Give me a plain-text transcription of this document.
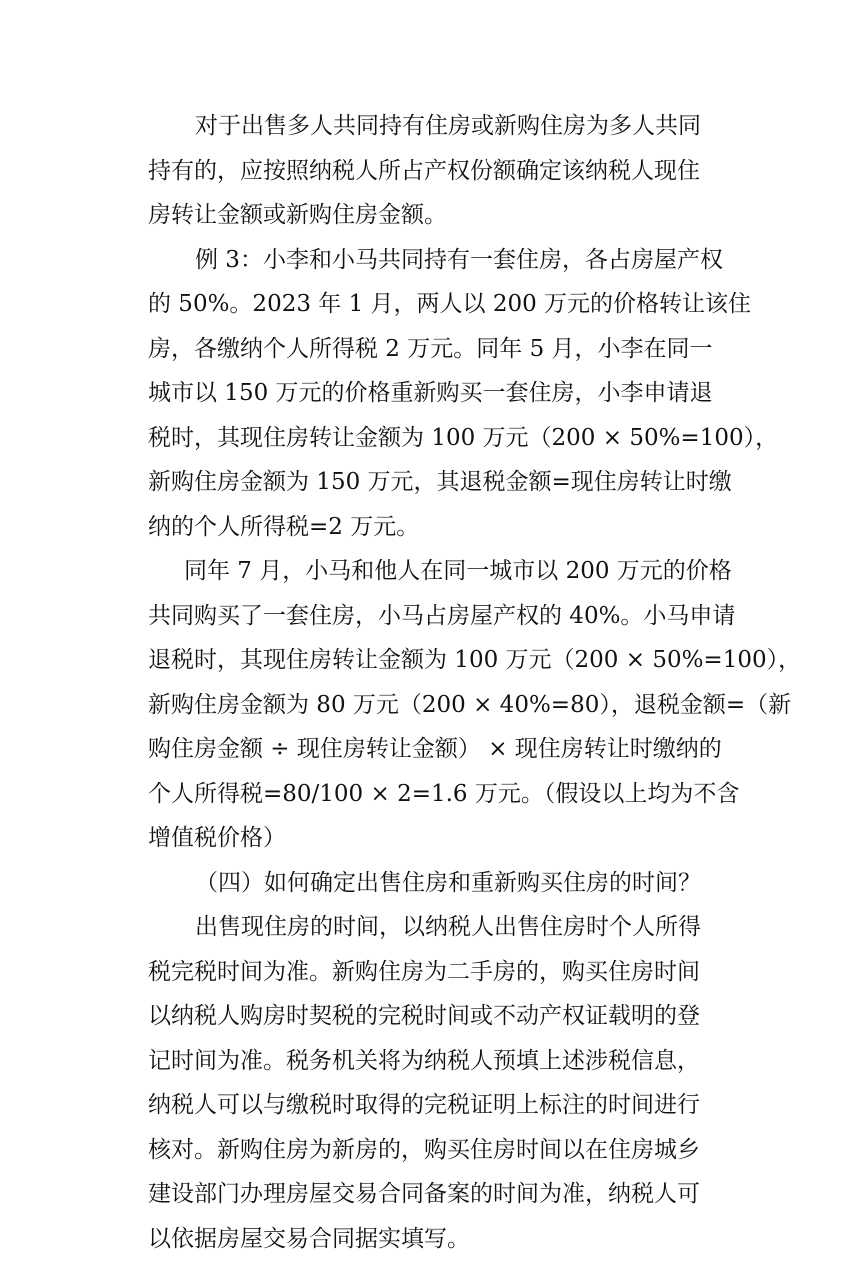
对于出售多人共同持有住房或新购住房为多人共同
持有的，应按照纳税人所占产权份额确定该纳税人现住
房转让金额或新购住房金额。
例 3：小李和小马共同持有一套住房，各占房屋产权
的 50%。2023 年 1 月，两人以 200 万元的价格转让该住
房，各缴纳个人所得税 2 万元。同年 5 月，小李在同一
城市以 150 万元的价格重新购买一套住房，小李申请退
税时，其现住房转让金额为 100 万元（200 × 50%=100），
新购住房金额为 150 万元，其退税金额=现住房转让时缴
纳的个人所得税=2 万元。
同年 7 月，小马和他人在同一城市以 200 万元的价格
共同购买了一套住房，小马占房屋产权的 40%。小马申请
退税时，其现住房转让金额为 100 万元（200 × 50%=100），
新购住房金额为 80 万元（200 × 40%=80），退税金额=（新
购住房金额 ÷ 现住房转让金额） × 现住房转让时缴纳的
个人所得税=80/100 × 2=1.6 万元。（假设以上均为不含
增值税价格）
（四）如何确定出售住房和重新购买住房的时间？
出售现住房的时间，以纳税人出售住房时个人所得
税完税时间为准。新购住房为二手房的，购买住房时间
以纳税人购房时契税的完税时间或不动产权证载明的登
记时间为准。税务机关将为纳税人预填上述涉税信息，
纳税人可以与缴税时取得的完税证明上标注的时间进行
核对。新购住房为新房的，购买住房时间以在住房城乡
建设部门办理房屋交易合同备案的时间为准，纳税人可
以依据房屋交易合同据实填写。
